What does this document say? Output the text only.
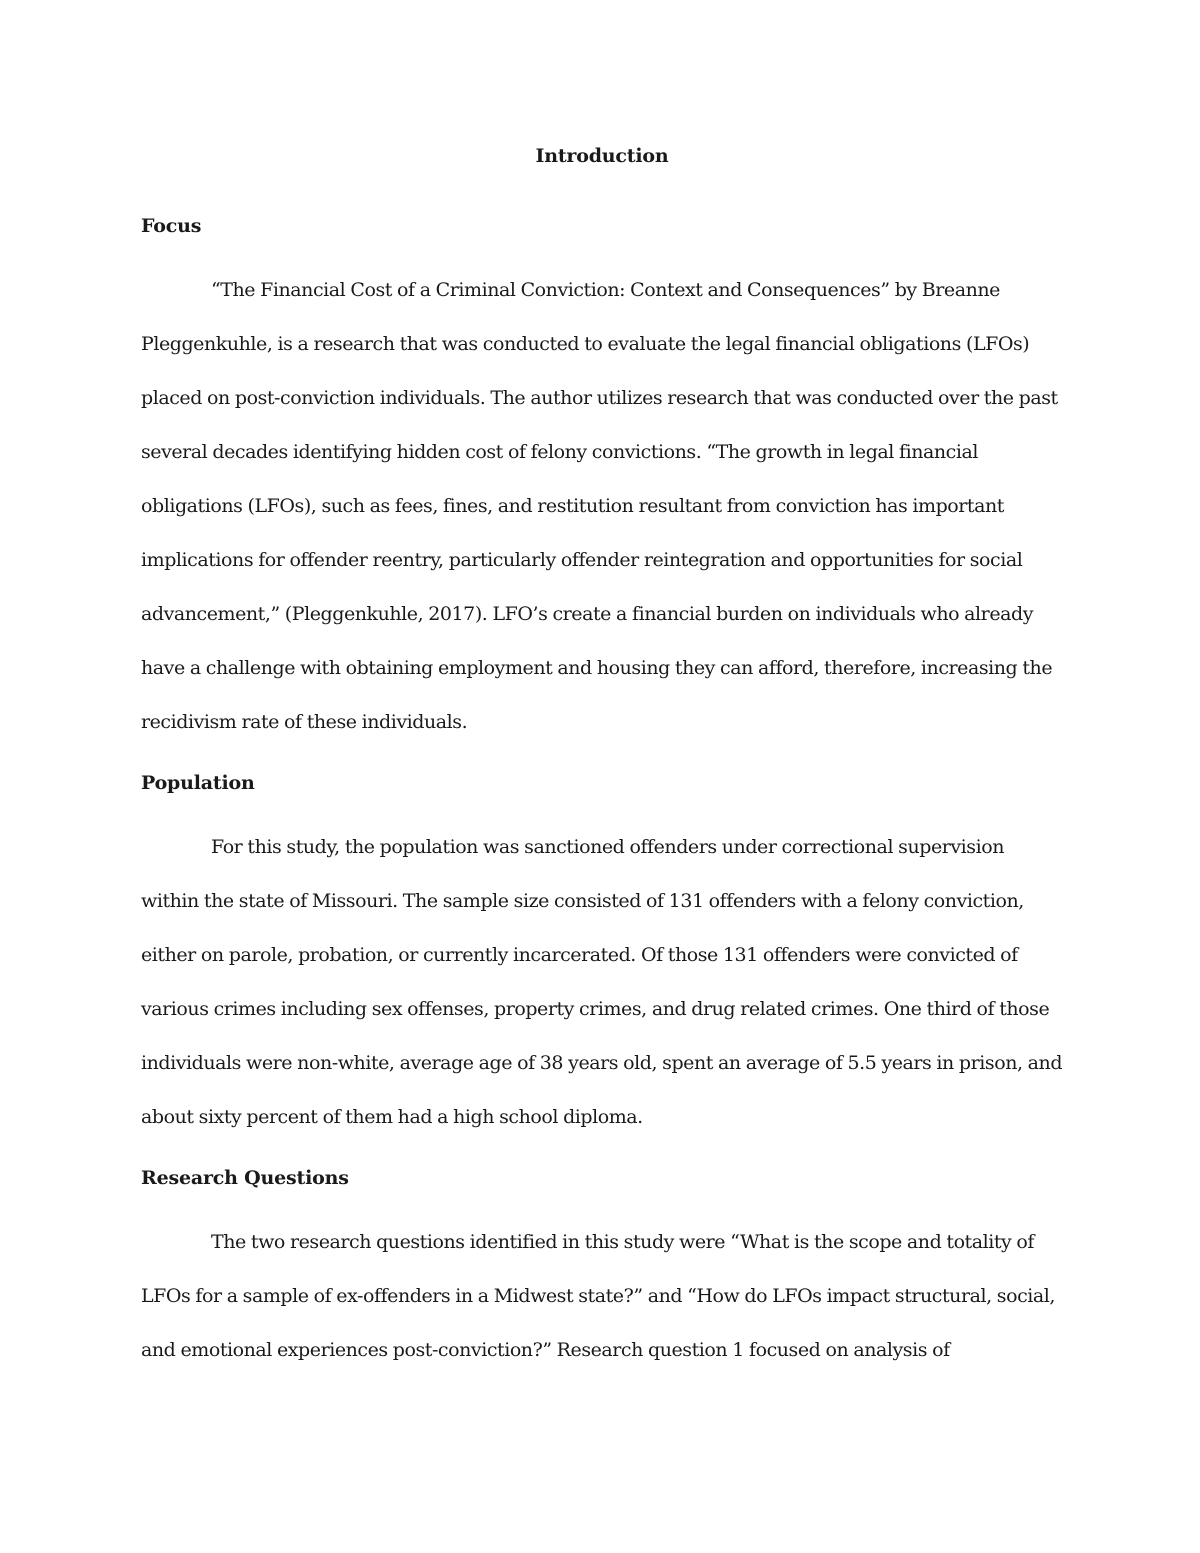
Introduction
Focus

“The Financial Cost of a Criminal Conviction: Context and Consequences” by Breanne Pleggenkuhle, is a research that was conducted to evaluate the legal financial obligations (LFOs) placed on post-conviction individuals. The author utilizes research that was conducted over the past several decades identifying hidden cost of felony convictions. “The growth in legal financial obligations (LFOs), such as fees, fines, and restitution resultant from conviction has important implications for offender reentry, particularly offender reintegration and opportunities for social advancement,” (Pleggenkuhle, 2017). LFO’s create a financial burden on individuals who already have a challenge with obtaining employment and housing they can afford, therefore, increasing the recidivism rate of these individuals.

Population

For this study, the population was sanctioned offenders under correctional supervision within the state of Missouri. The sample size consisted of 131 offenders with a felony conviction, either on parole, probation, or currently incarcerated. Of those 131 offenders were convicted of various crimes including sex offenses, property crimes, and drug related crimes. One third of those individuals were non-white, average age of 38 years old, spent an average of 5.5 years in prison, and about sixty percent of them had a high school diploma.

Research Questions

The two research questions identified in this study were “What is the scope and totality of LFOs for a sample of ex-offenders in a Midwest state?” and “How do LFOs impact structural, social, and emotional experiences post-conviction?” Research question 1 focused on analysis of
